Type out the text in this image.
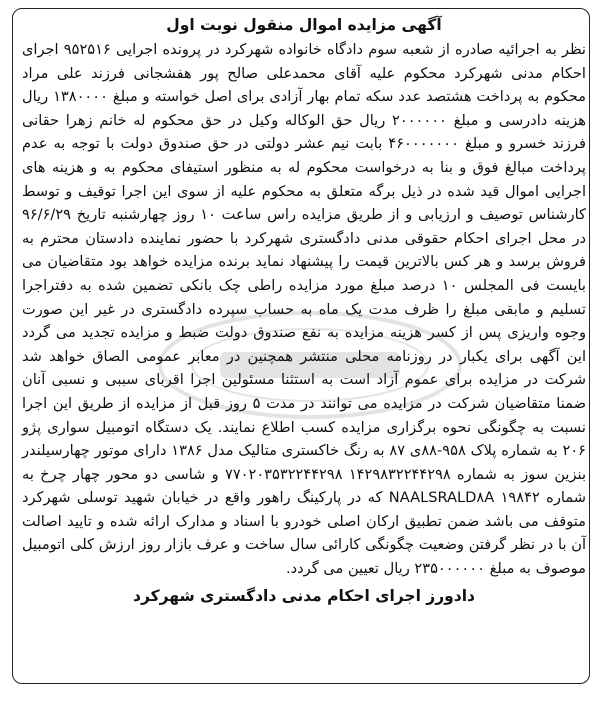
آگهی مزایده اموال منقول نوبت اول

نظر به اجرائیه صادره از شعبه سوم دادگاه خانواده شهرکرد در پرونده اجرایی ۹۵۲۵۱۶ اجرای احکام مدنی شهرکرد محکوم علیه آقای محمدعلی صالح پور هفشجانی فرزند علی مراد محکوم به پرداخت هشتصد عدد سکه تمام بهار آزادی برای اصل خواسته و مبلغ ۱۳۸۰۰۰۰ ریال هزینه دادرسی و مبلغ ۲۰۰۰۰۰۰ ریال حق الوکاله وکیل در حق محکوم له خانم زهرا حقانی فرزند خسرو و مبلغ ۴۶۰۰۰۰۰۰۰ بابت نیم عشر دولتی در حق صندوق دولت با توجه به عدم پرداخت مبالغ فوق و بنا به درخواست محکوم له به منظور استیفای محکوم به و هزینه های اجرایی اموال قید شده در ذیل برگه متعلق به محکوم علیه از سوی این اجرا توقیف و توسط کارشناس توصیف و ارزیابی و از طریق مزایده راس ساعت ۱۰ روز چهارشنبه تاریخ ۹۶/۶/۲۹ در محل اجرای احکام حقوقی مدنی دادگستری شهرکرد با حضور نماینده دادستان محترم به فروش برسد و هر کس بالاترین قیمت را پیشنهاد نماید برنده مزایده خواهد بود متقاضیان می بایست فی المجلس ۱۰ درصد مبلغ مورد مزایده راطی چک بانکی تضمین شده به دفتراجرا تسلیم و مابقی مبلغ را ظرف مدت یک ماه به حساب سپرده دادگستری در غیر این صورت وجوه واریزی پس از کسر هزینه مزایده به نفع صندوق دولت ضبط و مزایده تجدید می گردد این آگهی برای یکبار در روزنامه محلی منتشر همچنین در معابر عمومی الصاق خواهد شد شرکت در مزایده برای عموم آزاد است به استثنا مسئولین اجرا اقربای سببی و نسبی آنان ضمنا متقاضیان شرکت در مزایده می توانند در مدت ۵ روز قبل از مزایده از طریق این اجرا نسبت به چگونگی نحوه برگزاری مزایده کسب اطلاع نمایند. یک دستگاه اتومبیل سواری پژو ۲۰۶ به شماره پلاک ۹۵۸-۸۸ی ۸۷ به رنگ خاکستری متالیک مدل ۱۳۸۶ دارای موتور چهارسیلندر بنزین سوز به شماره ۱۴۲۹۸۳۲۲۴۴۲۹۸ ۷۷۰۲۰۳۵۳۲۲۴۴۲۹۸ و شاسی دو محور چهار چرخ به شماره ۱۹۸۴۲ NAALSRALD۸A که در پارکینگ راهور واقع در خیابان شهید توسلی شهرکرد متوقف می باشد ضمن تطبیق ارکان اصلی خودرو با اسناد و مدارک ارائه شده و تایید اصالت آن با در نظر گرفتن وضعیت چگونگی کارائی سال ساخت و عرف بازار روز ارزش کلی اتومبیل موصوف به مبلغ ۲۳۵۰۰۰۰۰۰ ریال تعیین می گردد.

دادورز اجرای احکام مدنی دادگستری شهرکرد
